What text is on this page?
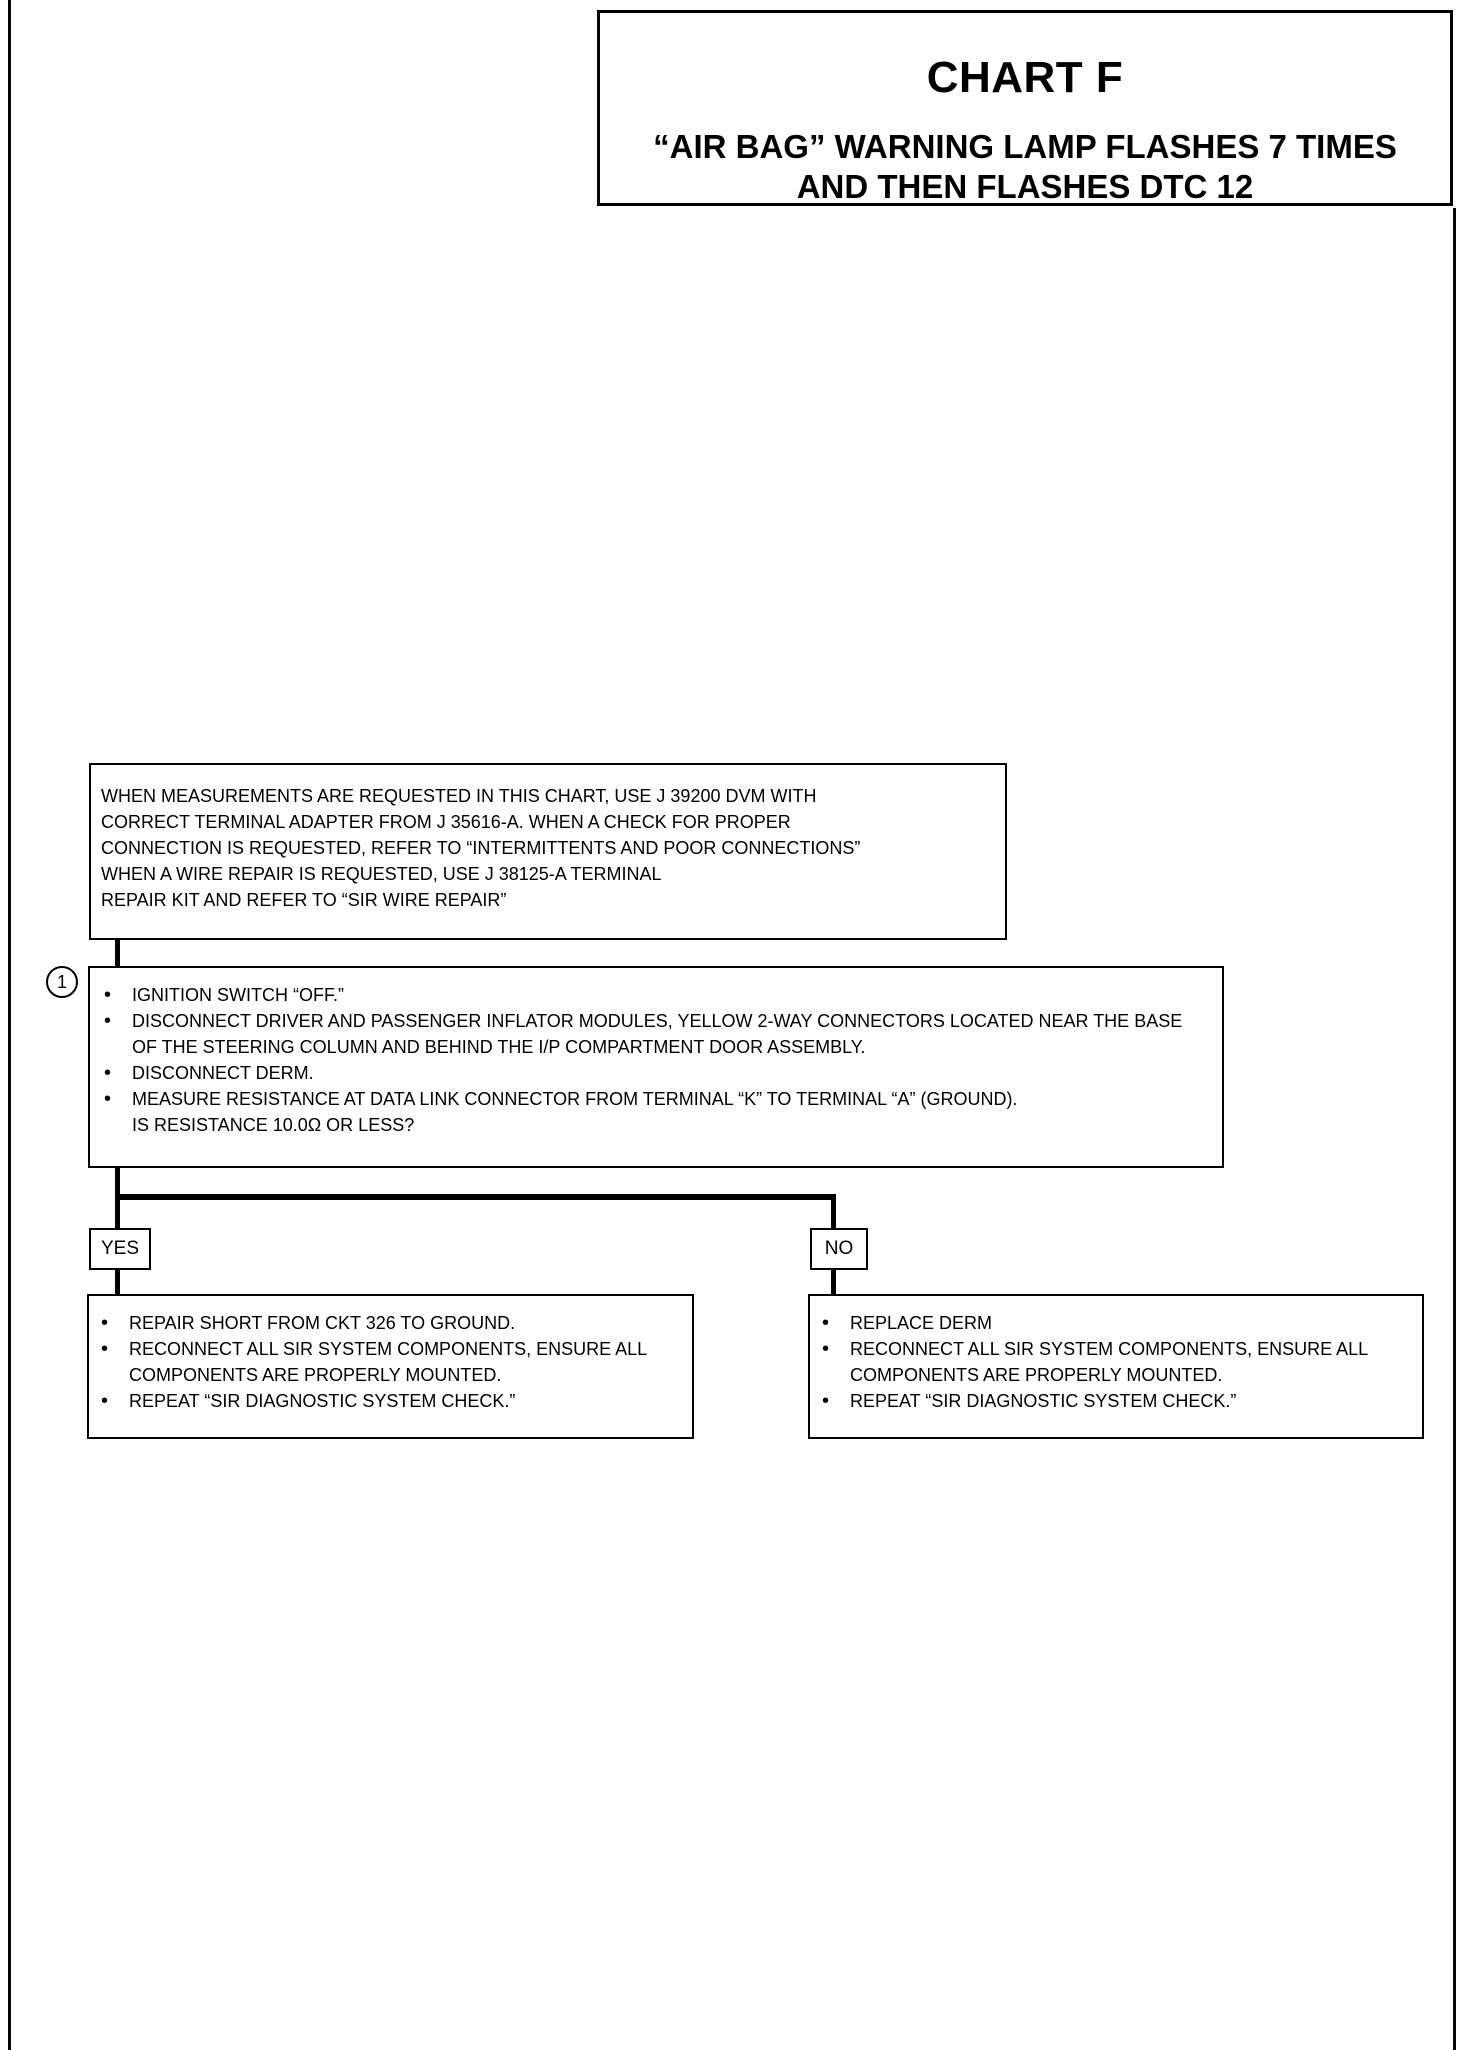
CHART F
“AIR BAG” WARNING LAMP FLASHES 7 TIMES
AND THEN FLASHES DTC 12
WHEN MEASUREMENTS ARE REQUESTED IN THIS CHART, USE J 39200 DVM WITH
CORRECT TERMINAL ADAPTER FROM J 35616-A. WHEN A CHECK FOR PROPER
CONNECTION IS REQUESTED, REFER TO “INTERMITTENTS AND POOR CONNECTIONS”
WHEN A WIRE REPAIR IS REQUESTED, USE J 38125-A TERMINAL
REPAIR KIT AND REFER TO “SIR WIRE REPAIR”
1
• IGNITION SWITCH “OFF.”
• DISCONNECT DRIVER AND PASSENGER INFLATOR MODULES, YELLOW 2-WAY CONNECTORS LOCATED NEAR THE BASE OF THE STEERING COLUMN AND BEHIND THE I/P COMPARTMENT DOOR ASSEMBLY.
• DISCONNECT DERM.
• MEASURE RESISTANCE AT DATA LINK CONNECTOR FROM TERMINAL “K” TO TERMINAL “A” (GROUND).
IS RESISTANCE 10.0Ω OR LESS?
YES	NO
• REPAIR SHORT FROM CKT 326 TO GROUND.
• RECONNECT ALL SIR SYSTEM COMPONENTS, ENSURE ALL COMPONENTS ARE PROPERLY MOUNTED.
• REPEAT “SIR DIAGNOSTIC SYSTEM CHECK.”
• REPLACE DERM
• RECONNECT ALL SIR SYSTEM COMPONENTS, ENSURE ALL COMPONENTS ARE PROPERLY MOUNTED.
• REPEAT “SIR DIAGNOSTIC SYSTEM CHECK.”
